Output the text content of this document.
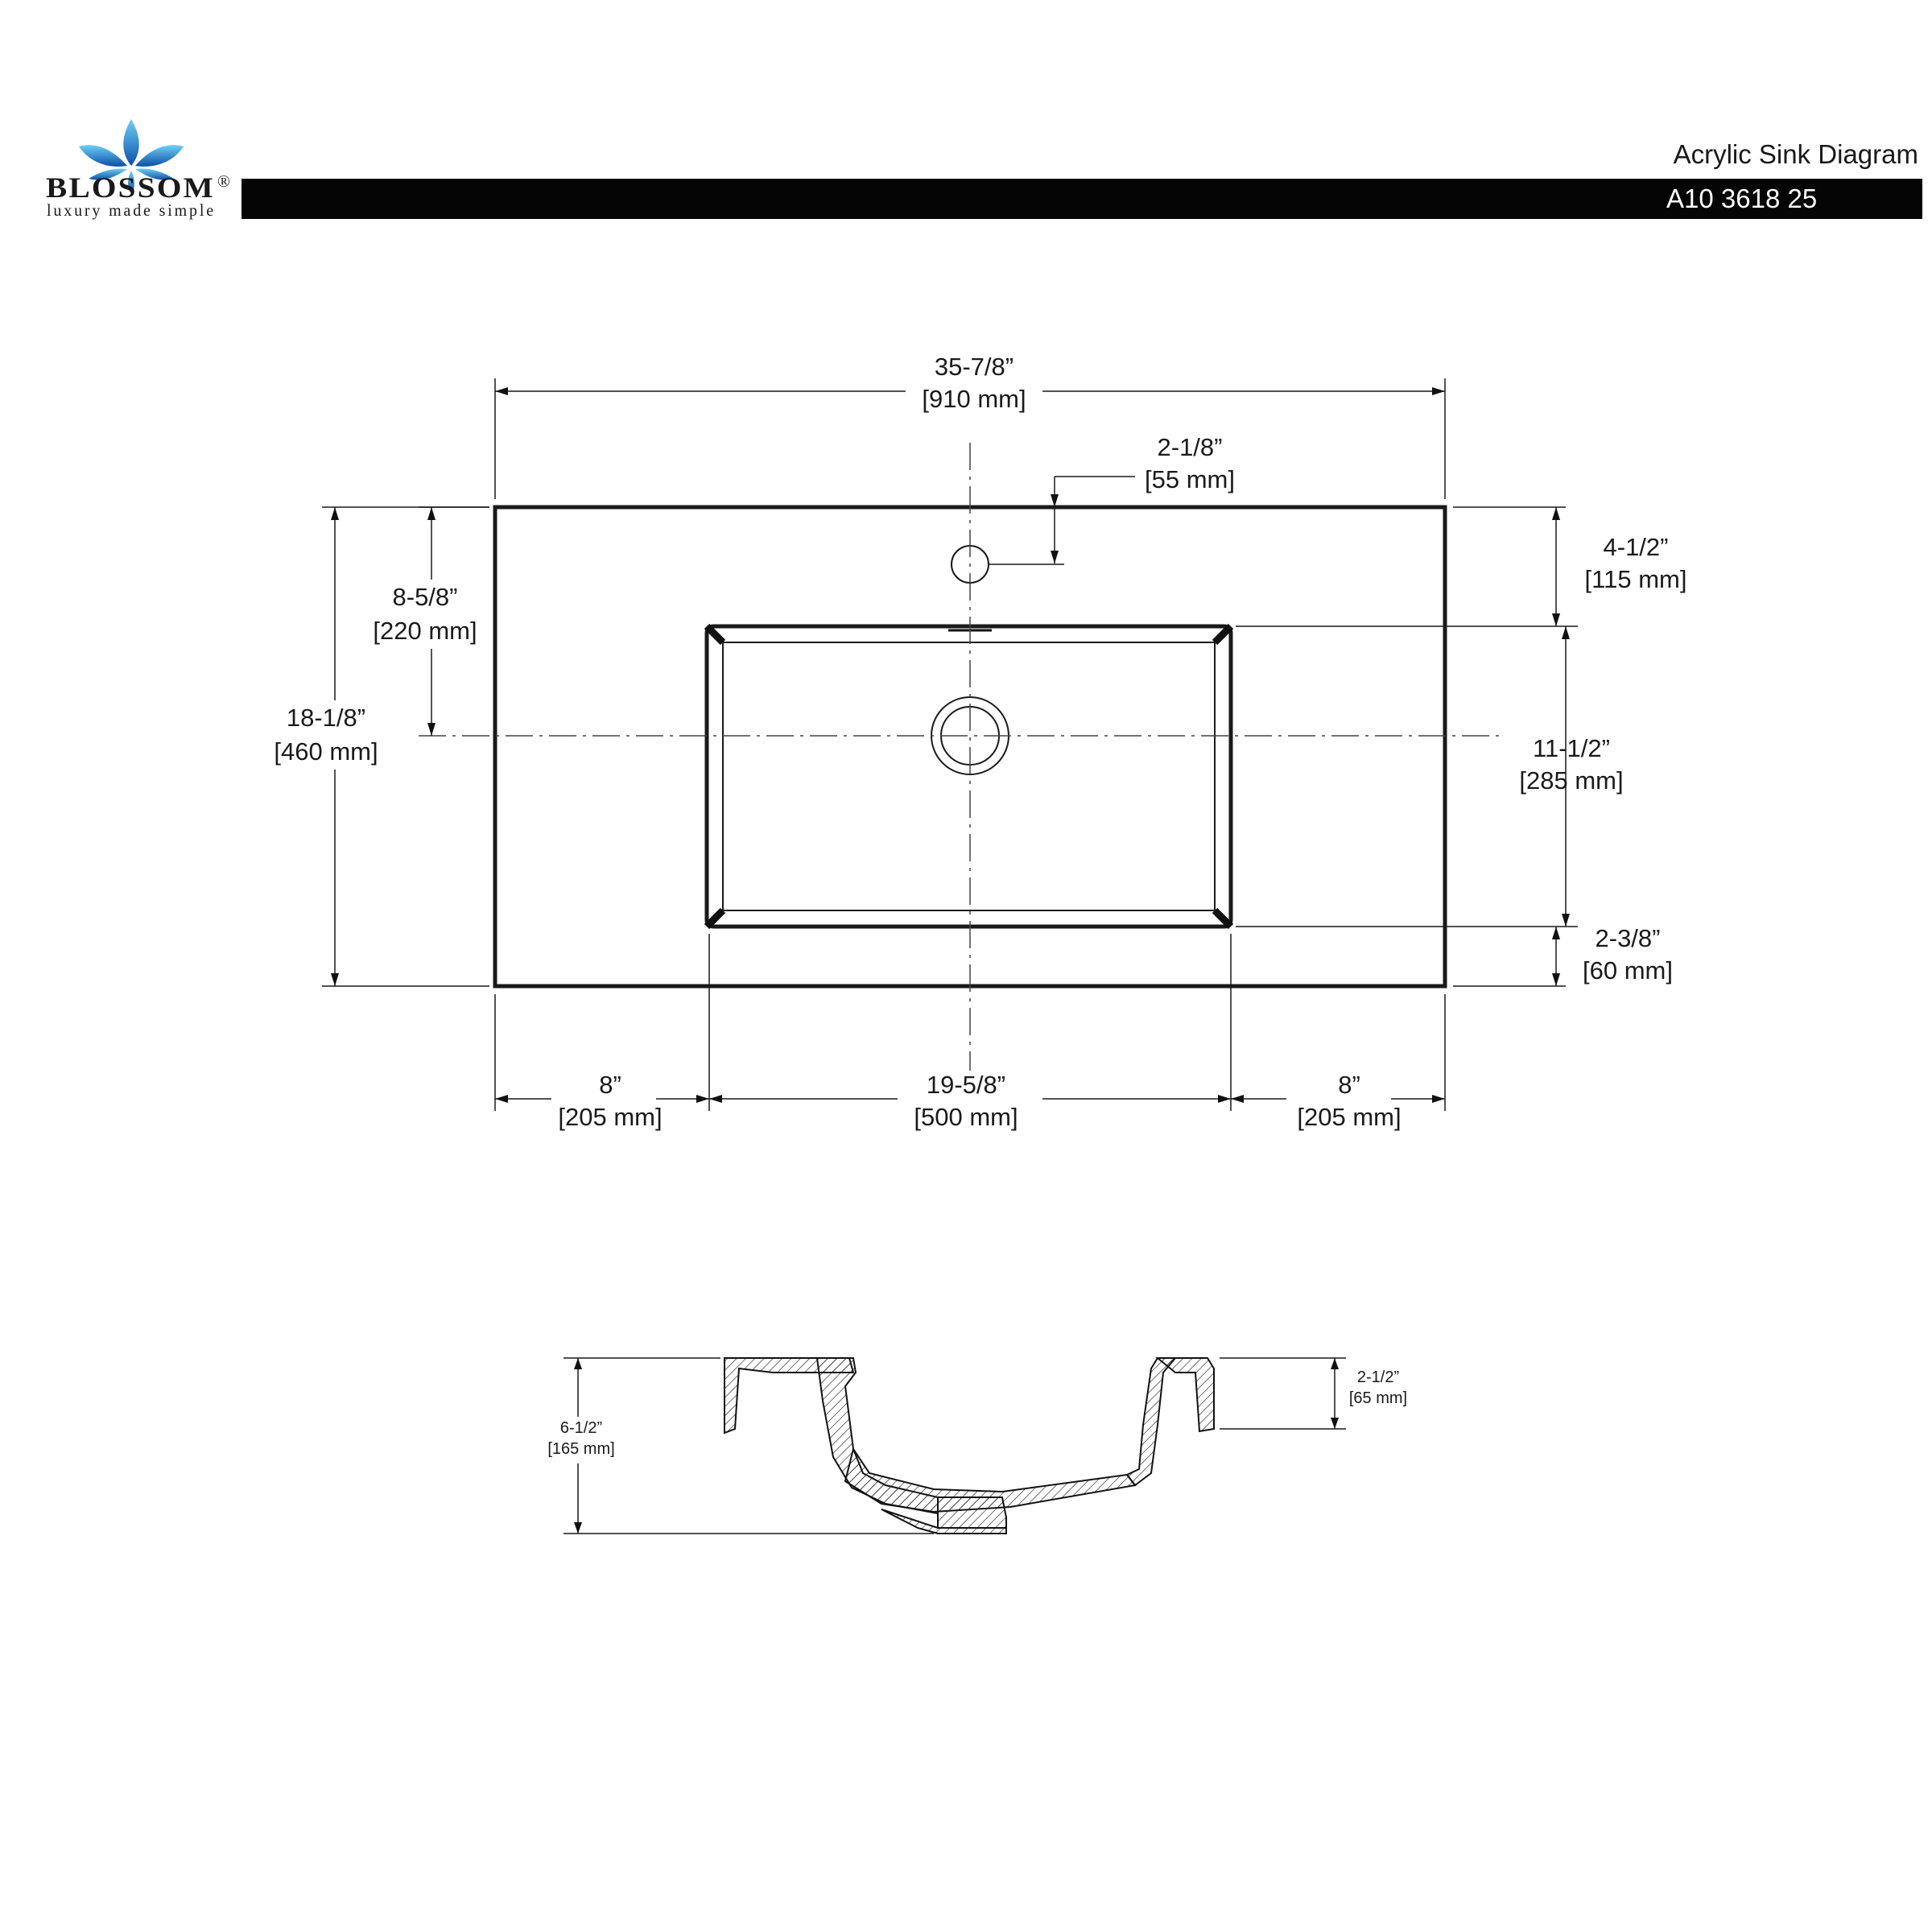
BLOSSOM ®
luxury made simple
Acrylic Sink Diagram
A10 3618 25
35-7/8”
[910 mm]
2-1/8”
[55 mm]
8-5/8”
[220 mm]
18-1/8”
[460 mm]
4-1/2”
[115 mm]
11-1/2”
[285 mm]
2-3/8”
[60 mm]
8”
[205 mm]
19-5/8”
[500 mm]
8”
[205 mm]
6-1/2”
[165 mm]
2-1/2”
[65 mm]
